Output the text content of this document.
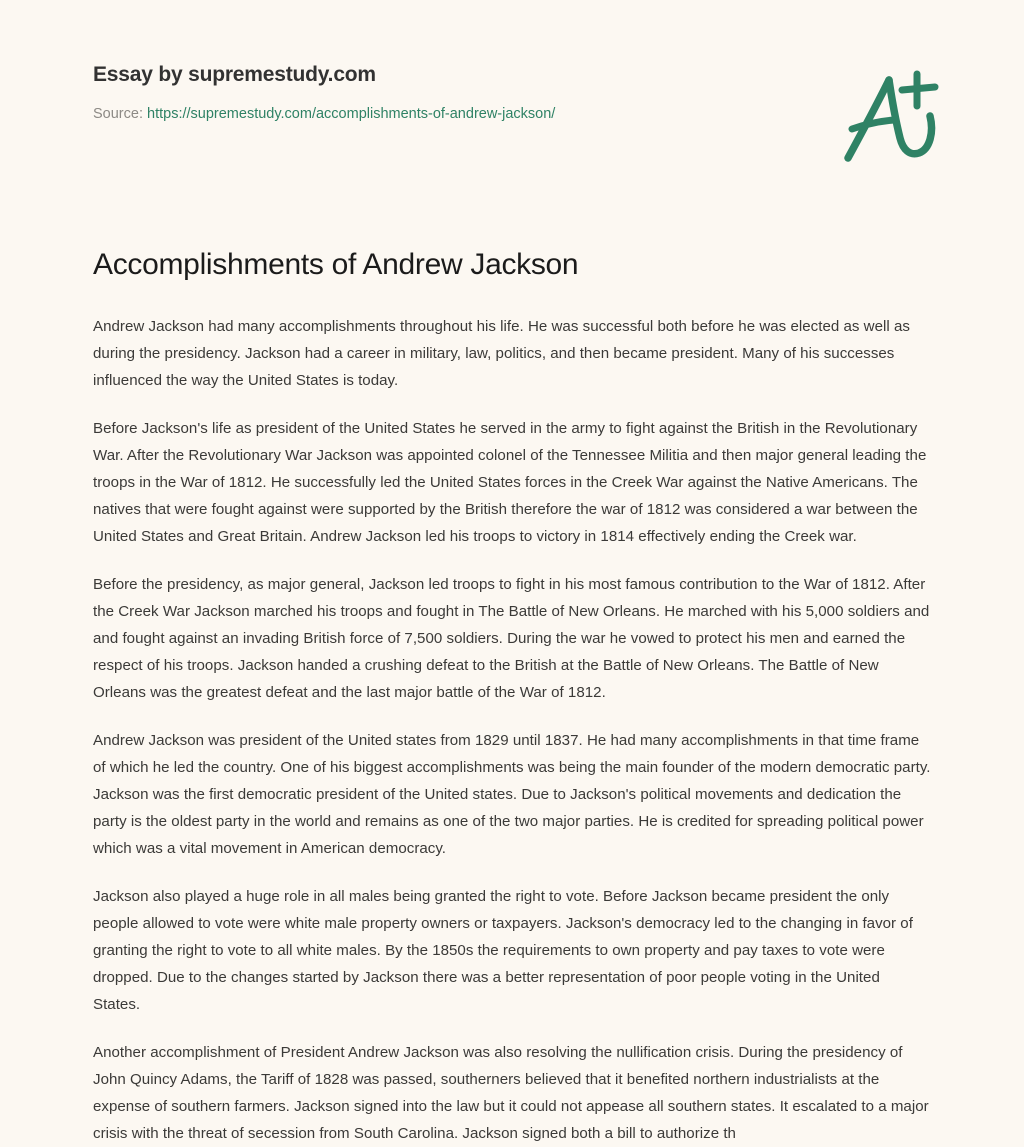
Essay by supremestudy.com
Source: https://supremestudy.com/accomplishments-of-andrew-jackson/
Accomplishments of Andrew Jackson

Andrew Jackson had many accomplishments throughout his life. He was successful both before he was elected as well as during the presidency. Jackson had a career in military, law, politics, and then became president. Many of his successes influenced the way the United States is today.

Before Jackson's life as president of the United States he served in the army to fight against the British in the Revolutionary War. After the Revolutionary War Jackson was appointed colonel of the Tennessee Militia and then major general leading the troops in the War of 1812. He successfully led the United States forces in the Creek War against the Native Americans. The natives that were fought against were supported by the British therefore the war of 1812 was considered a war between the United States and Great Britain. Andrew Jackson led his troops to victory in 1814 effectively ending the Creek war.

Before the presidency, as major general, Jackson led troops to fight in his most famous contribution to the War of 1812. After the Creek War Jackson marched his troops and fought in The Battle of New Orleans. He marched with his 5,000 soldiers and and fought against an invading British force of 7,500 soldiers. During the war he vowed to protect his men and earned the respect of his troops. Jackson handed a crushing defeat to the British at the Battle of New Orleans. The Battle of New Orleans was the greatest defeat and the last major battle of the War of 1812.

Andrew Jackson was president of the United states from 1829 until 1837. He had many accomplishments in that time frame of which he led the country. One of his biggest accomplishments was being the main founder of the modern democratic party. Jackson was the first democratic president of the United states. Due to Jackson's political movements and dedication the party is the oldest party in the world and remains as one of the two major parties. He is credited for spreading political power which was a vital movement in American democracy.

Jackson also played a huge role in all males being granted the right to vote. Before Jackson became president the only people allowed to vote were white male property owners or taxpayers. Jackson's democracy led to the changing in favor of granting the right to vote to all white males. By the 1850s the requirements to own property and pay taxes to vote were dropped. Due to the changes started by Jackson there was a better representation of poor people voting in the United States.

Another accomplishment of President Andrew Jackson was also resolving the nullification crisis. During the presidency of John Quincy Adams, the Tariff of 1828 was passed, southerners believed that it benefited northern industrialists at the expense of southern farmers. Jackson signed into the law but it could not appease all southern states. It escalated to a major crisis with the threat of secession from South Carolina. Jackson signed both a bill to authorize th
